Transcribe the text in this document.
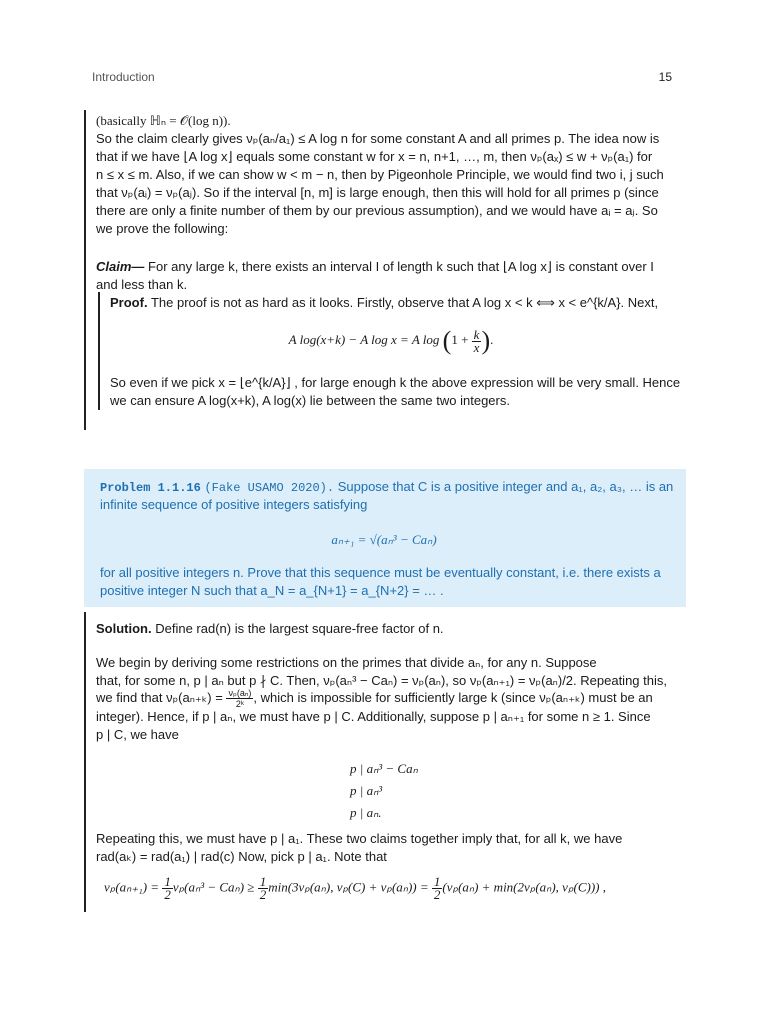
Introduction	15
(basically ℍₙ = 𝒪(log n)).
So the claim clearly gives νₚ(aₙ/a₁) ≤ A log n for some constant A and all primes p. The idea now is
that if we have ⌊A log x⌋ equals some constant w for x = n, n+1, …, m, then νₚ(aₓ) ≤ w + νₚ(a₁) for
n ≤ x ≤ m. Also, if we can show w < m − n, then by Pigeonhole Principle, we would find two i, j such
that νₚ(aᵢ) = νₚ(aⱼ). So if the interval [n, m] is large enough, then this will hold for all primes p (since
there are only a finite number of them by our previous assumption), and we would have aᵢ = aⱼ. So
we prove the following:
Claim— For any large k, there exists an interval I of length k such that ⌊A log x⌋ is constant over I
and less than k.
Proof. The proof is not as hard as it looks. Firstly, observe that A log x < k ⟺ x < e^{k/A}. Next,
A log(x+k) − A log x = A $\log (1 + \frac{k}{x}$ ).
So even if we pick x = ⌊e^{k/A}⌋ , for large enough k the above expression will be very small. Hence
we can ensure A log(x+k), A log(x) lie between the same two integers.
Problem 1.1.16 (Fake USAMO 2020). Suppose that C is a positive integer and a₁, a₂, a₃, … is an
infinite sequence of positive integers satisfying
aₙ₊₁ = √(aₙ³ − Caₙ)
for all positive integers n. Prove that this sequence must be eventually constant, i.e. there exists a
positive integer N such that a_N = a_{N+1} = a_{N+2} = … .
Solution. Define rad(n) is the largest square-free factor of n.
We begin by deriving some restrictions on the primes that divide aₙ, for any n. Suppose
that, for some n, p | aₙ but p ∤ C. Then, νₚ(aₙ³ − Caₙ) = νₚ(aₙ), so νₚ(aₙ₊₁) = νₚ(aₙ)/2. Repeating this,
we find that $\nu_p(a_{n+k}) = \frac{\text{νₚ(aₙ)}}{\text{2ᵏ}}$ , which is impossible for sufficiently large k (since νₚ(aₙ₊ₖ) must be an
integer). Hence, if p | aₙ, we must have p | C. Additionally, suppose p | aₙ₊₁ for some n ≥ 1. Since
p | C, we have
p | aₙ³ − Caₙ
p | aₙ³
p | aₙ.
Repeating this, we must have p | a₁. These two claims together imply that, for all k, we have
rad(aₖ) = rad(a₁) | rad(c) Now, pick p | a₁. Note that
$\nu_p(a_{n+1}) = \frac{1}{2} \nu_p(a_n^3 - Ca_n) \ge \frac{1}{2} \min(3\nu_p(a_n)$, $\nu_p(C) + \nu_p(a_n)) = \frac{1}{2} (\nu_p(a_n) + \min(2\nu_p(a_n)$, νₚ(C))) ,
